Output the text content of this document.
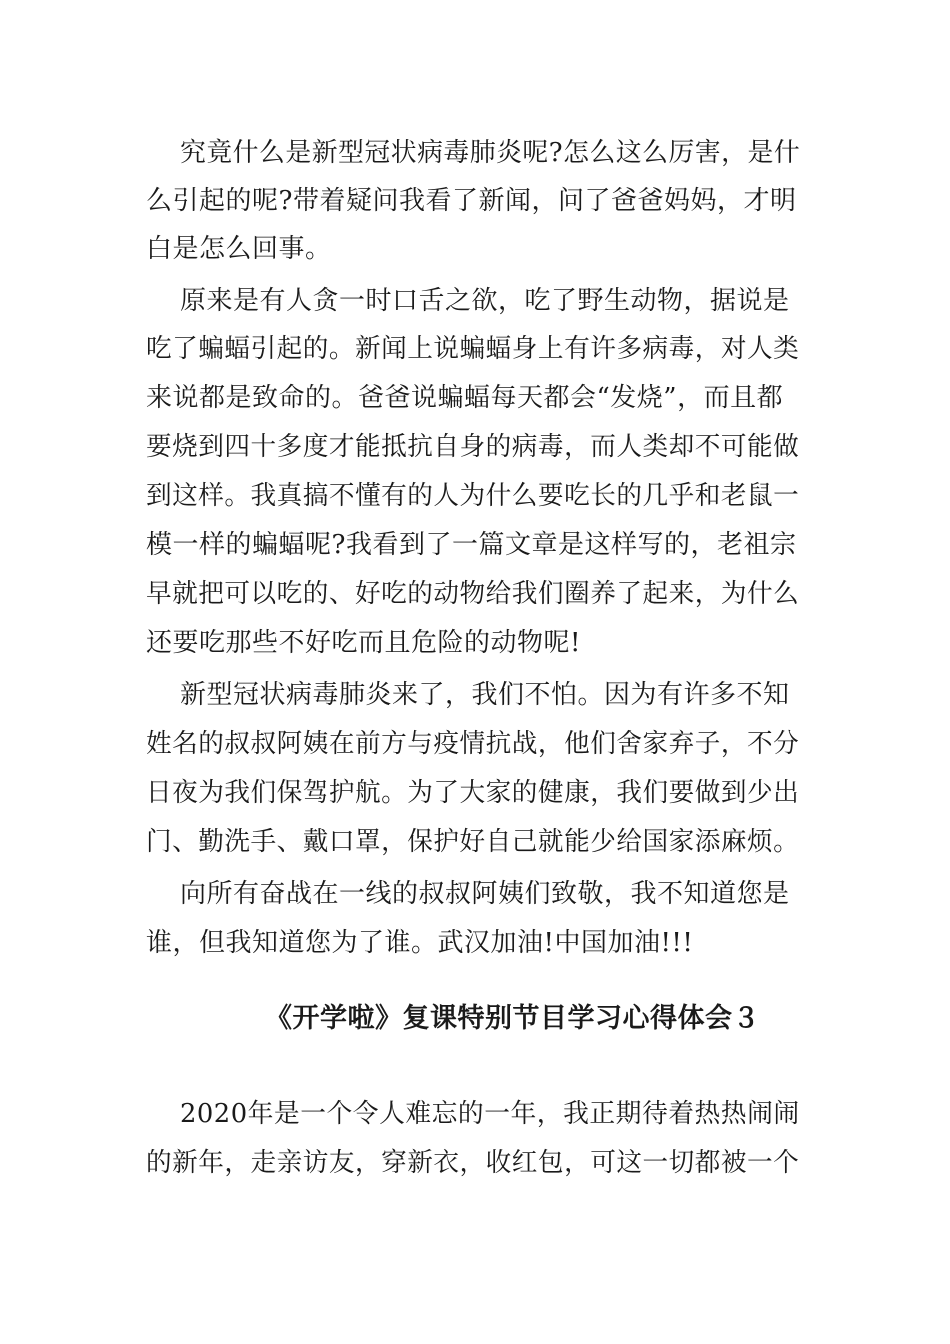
究竟什么是新型冠状病毒肺炎呢?怎么这么厉害，是什
么引起的呢?带着疑问我看了新闻，问了爸爸妈妈，才明
白是怎么回事。
原来是有人贪一时口舌之欲，吃了野生动物，据说是
吃了蝙蝠引起的。新闻上说蝙蝠身上有许多病毒，对人类
来说都是致命的。爸爸说蝙蝠每天都会“发烧”，而且都
要烧到四十多度才能抵抗自身的病毒，而人类却不可能做
到这样。我真搞不懂有的人为什么要吃长的几乎和老鼠一
模一样的蝙蝠呢?我看到了一篇文章是这样写的，老祖宗
早就把可以吃的、好吃的动物给我们圈养了起来，为什么
还要吃那些不好吃而且危险的动物呢!
新型冠状病毒肺炎来了，我们不怕。因为有许多不知
姓名的叔叔阿姨在前方与疫情抗战，他们舍家弃子，不分
日夜为我们保驾护航。为了大家的健康，我们要做到少出
门、勤洗手、戴口罩，保护好自己就能少给国家添麻烦。
向所有奋战在一线的叔叔阿姨们致敬，我不知道您是
谁，但我知道您为了谁。武汉加油!中国加油!!!
《开学啦》复课特别节目学习心得体会３
2020年是一个令人难忘的一年，我正期待着热热闹闹
的新年，走亲访友，穿新衣，收红包，可这一切都被一个
